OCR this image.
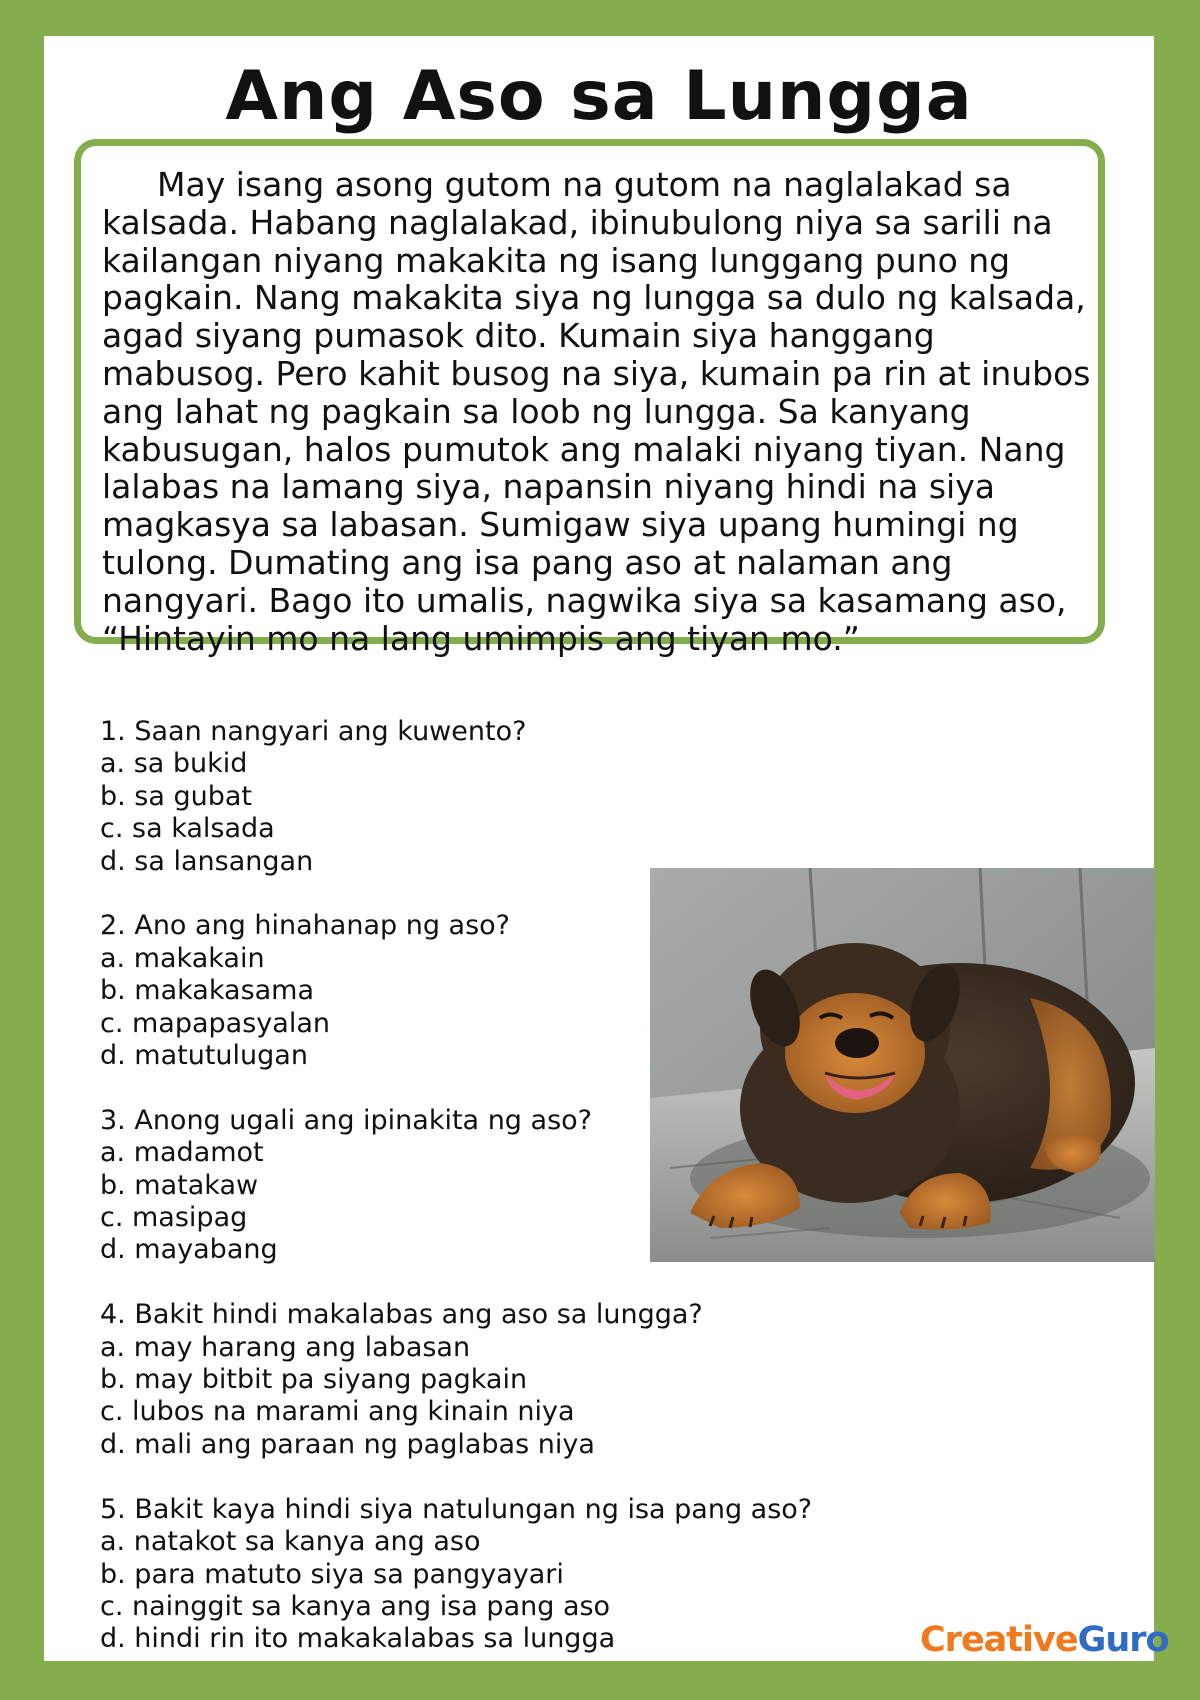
Ang Aso sa Lungga

May isang asong gutom na gutom na naglalakad sa kalsada. Habang naglalakad, ibinubulong niya sa sarili na kailangan niyang makakita ng isang lunggang puno ng pagkain. Nang makakita siya ng lungga sa dulo ng kalsada, agad siyang pumasok dito. Kumain siya hanggang mabusog. Pero kahit busog na siya, kumain pa rin at inubos ang lahat ng pagkain sa loob ng lungga. Sa kanyang kabusugan, halos pumutok ang malaki niyang tiyan. Nang lalabas na lamang siya, napansin niyang hindi na siya magkasya sa labasan. Sumigaw siya upang humingi ng tulong. Dumating ang isa pang aso at nalaman ang nangyari. Bago ito umalis, nagwika siya sa kasamang aso, “Hintayin mo na lang umimpis ang tiyan mo.”

1. Saan nangyari ang kuwento?
a. sa bukid
b. sa gubat
c. sa kalsada
d. sa lansangan
2. Ano ang hinahanap ng aso?
a. makakain
b. makakasama
c. mapapasyalan
d. matutulugan
3. Anong ugali ang ipinakita ng aso?
a. madamot
b. matakaw
c. masipag
d. mayabang
4. Bakit hindi makalabas ang aso sa lungga?
a. may harang ang labasan
b. may bitbit pa siyang pagkain
c. lubos na marami ang kinain niya
d. mali ang paraan ng paglabas niya
5. Bakit kaya hindi siya natulungan ng isa pang aso?
a. natakot sa kanya ang aso
b. para matuto siya sa pangyayari
c. nainggit sa kanya ang isa pang aso
d. hindi rin ito makakalabas sa lungga	CreativeGuro
